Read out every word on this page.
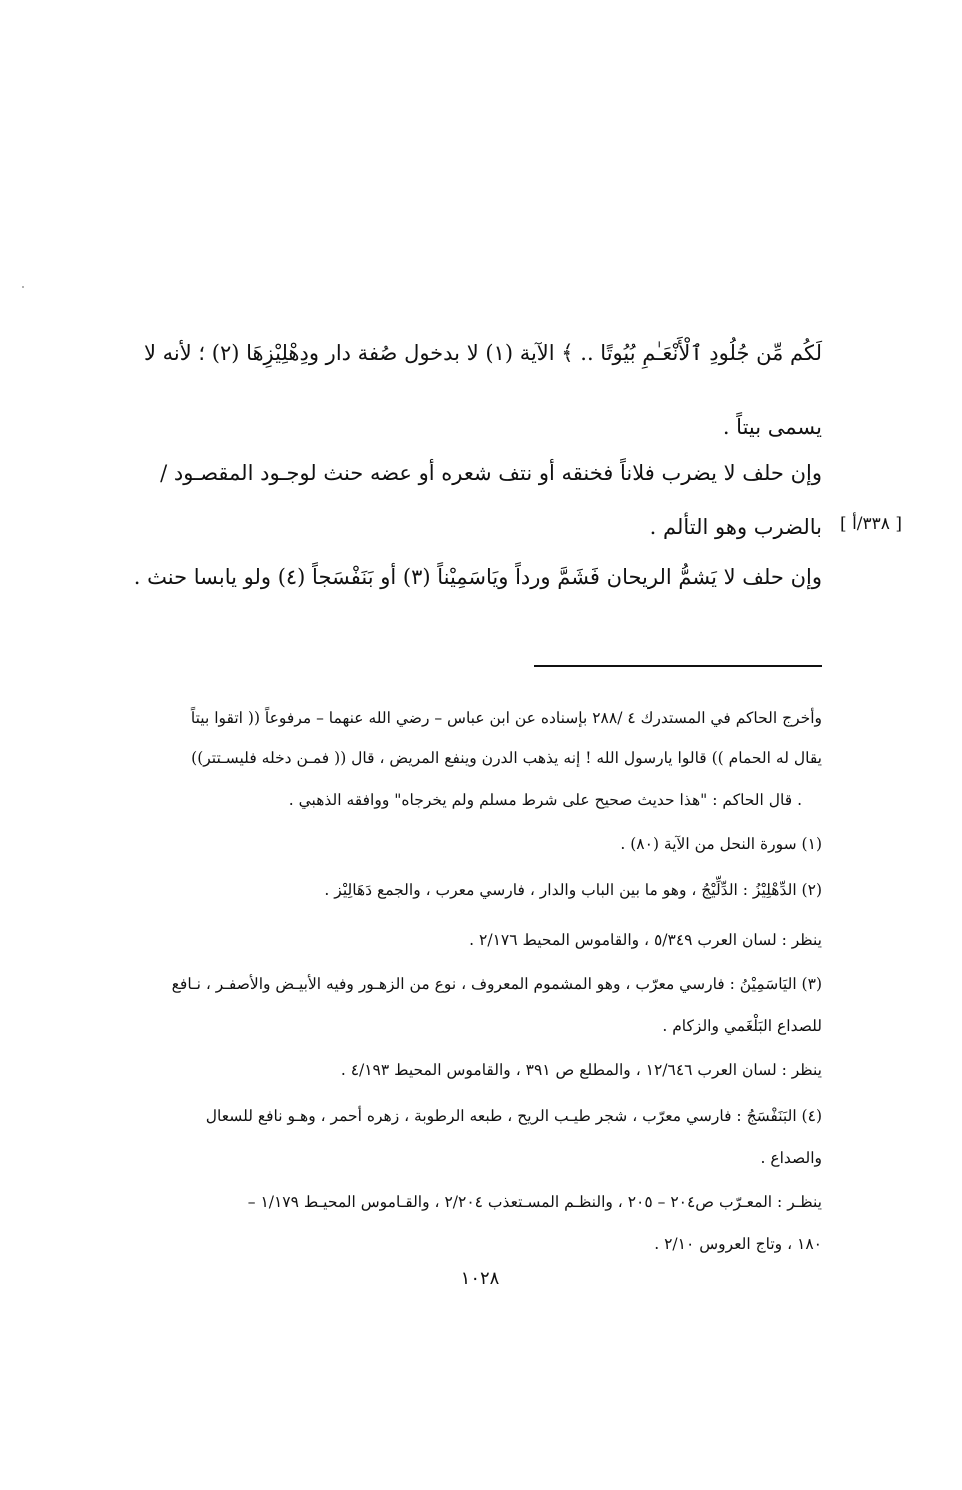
لَكُم مِّن جُلُودِ ٱلْأَنْعَـٰمِ بُيُوتًا .. ﴾ الآية (١) لا بدخول صُفة دار ودِهْلِيْزِهَا (٢) ؛ لأنه لا
يسمى بيتاً .
وإن حلف لا يضرب فلاناً فخنقه أو نتف شعره أو عضه حنث لوجـود المقصـود /
بالضرب وهو التألم . [ ٣٣٨/أ ]
وإن حلف لا يَشمُّ الريحان فَشَمَّ ورداً ويَاسَمِيْناً (٣) أو بَنَفْسَجاً (٤) ولو يابسا حنث .
وأخرج الحاكم في المستدرك ٤ /٢٨٨ بإسناده عن ابن عباس – رضي الله عنهما – مرفوعاً (( اتقوا بيتاً
يقال له الحمام )) قالوا يارسول الله ! إنه يذهب الدرن وينفع المريض ، قال (( فمـن دخله فليسـتتر))
. قال الحاكم : "هذا حديث صحيح على شرط مسلم ولم يخرجاه" ووافقه الذهبي .
(١) سورة النحل من الآية (٨٠) .
(٢) الدِّهْلِيْزُ : الدِّلِّيْجُ ، وهو ما بين الباب والدار ، فارسي معرب ، والجمع دَهَالِيْز .
ينظر : لسان العرب ٥/٣٤٩ ، والقاموس المحيط ٢/١٧٦ .
(٣) اليَاسَمِيْنُ : فارسي معرّب ، وهو المشموم المعروف ، نوع من الزهـور وفيه الأبيـض والأصفـر ، نـافع
للصداع البَلْغَمي والزكام .
ينظر : لسان العرب ١٢/٦٤٦ ، والمطلع ص ٣٩١ ، والقاموس المحيط ٤/١٩٣ .
(٤) البَنَفْسَجُ : فارسي معرّب ، شجر طيـب الريح ، طبعه الرطوبة ، زهره أحمر ، وهـو نافع للسعال
والصداع .
ينظـر : المعـرّب ص٢٠٤ – ٢٠٥ ، والنظـم المسـتعذب ٢/٢٠٤ ، والقـاموس المحيـط ١/١٧٩ –
١٨٠ ، وتاج العروس ٢/١٠ .
١٠٢٨
